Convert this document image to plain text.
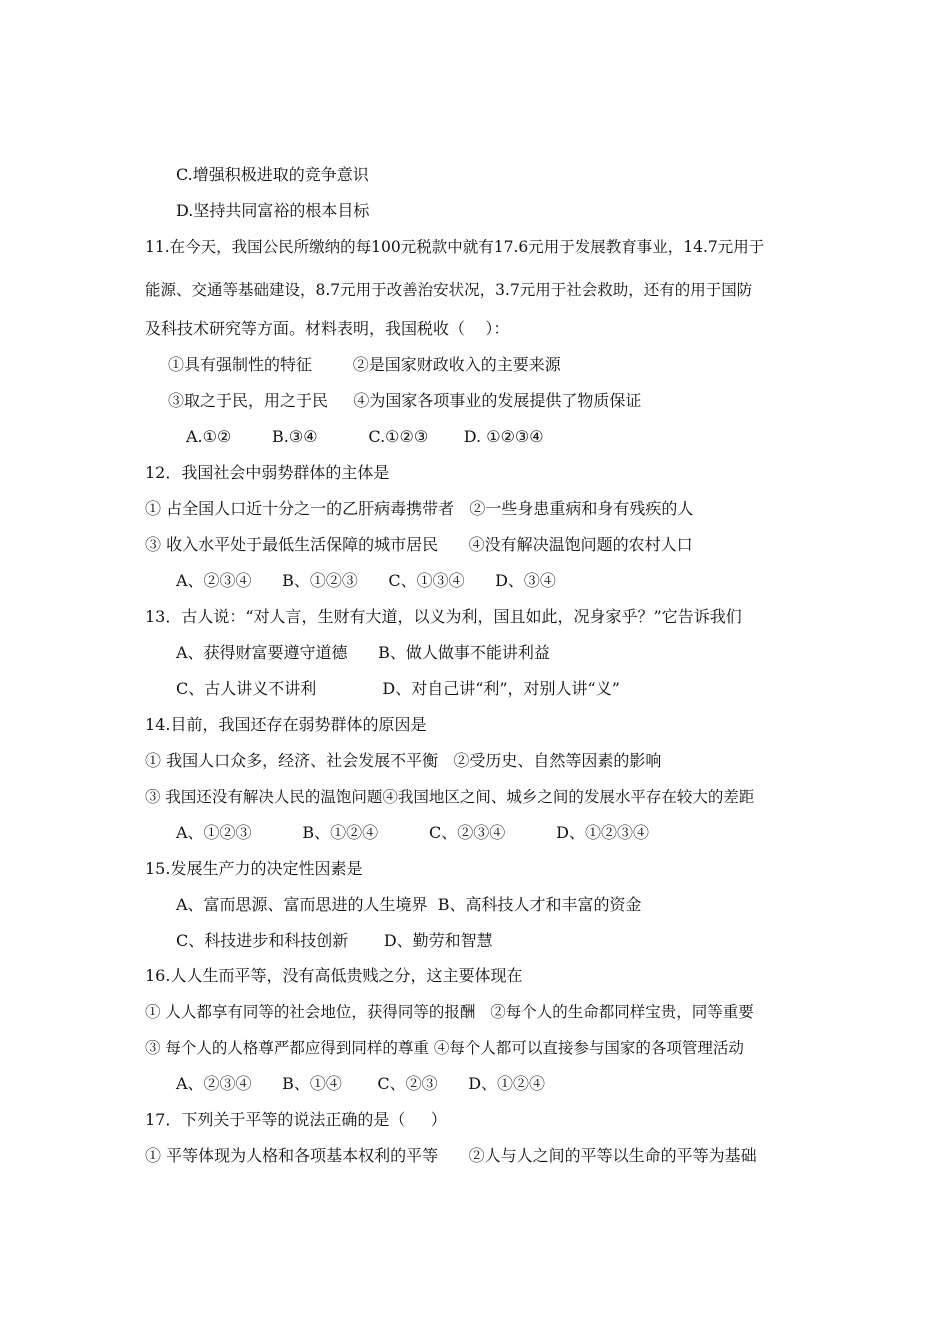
C.增强积极进取的竞争意识
D.坚持共同富裕的根本目标
11.在今天，我国公民所缴纳的每100元税款中就有17.6元用于发展教育事业，14.7元用于
能源、交通等基础建设，8.7元用于改善治安状况，3.7元用于社会救助，还有的用于国防
及科技术研究等方面。材料表明，我国税收（    ）：
①具有强制性的特征        ②是国家财政收入的主要来源
③取之于民，用之于民     ④为国家各项事业的发展提供了物质保证
A.①②        B.③④          C.①②③       D. ①②③④
12．我国社会中弱势群体的主体是
① 占全国人口近十分之一的乙肝病毒携带者   ②一些身患重病和身有残疾的人
③ 收入水平处于最低生活保障的城市居民      ④没有解决温饱问题的农村人口
A、②③④      B、①②③      C、①③④      D、③④
13．古人说：“对人言，生财有大道，以义为利，国且如此，况身家乎？”它告诉我们
A、获得财富要遵守道德      B、做人做事不能讲利益
C、古人讲义不讲利             D、对自己讲“利”，对别人讲“义”
14.目前，我国还存在弱势群体的原因是
① 我国人口众多，经济、社会发展不平衡   ②受历史、自然等因素的影响
③ 我国还没有解决人民的温饱问题④我国地区之间、城乡之间的发展水平存在较大的差距
A、①②③          B、①②④          C、②③④          D、①②③④
15.发展生产力的决定性因素是
A、富而思源、富而思进的人生境界  B、高科技人才和丰富的资金
C、科技进步和科技创新       D、勤劳和智慧
16.人人生而平等，没有高低贵贱之分，这主要体现在
① 人人都享有同等的社会地位，获得同等的报酬   ②每个人的生命都同样宝贵，同等重要
③ 每个人的人格尊严都应得到同样的尊重 ④每个人都可以直接参与国家的各项管理活动
A、②③④      B、①④       C、②③      D、①②④
17．下列关于平等的说法正确的是（     ）
① 平等体现为人格和各项基本权利的平等      ②人与人之间的平等以生命的平等为基础
